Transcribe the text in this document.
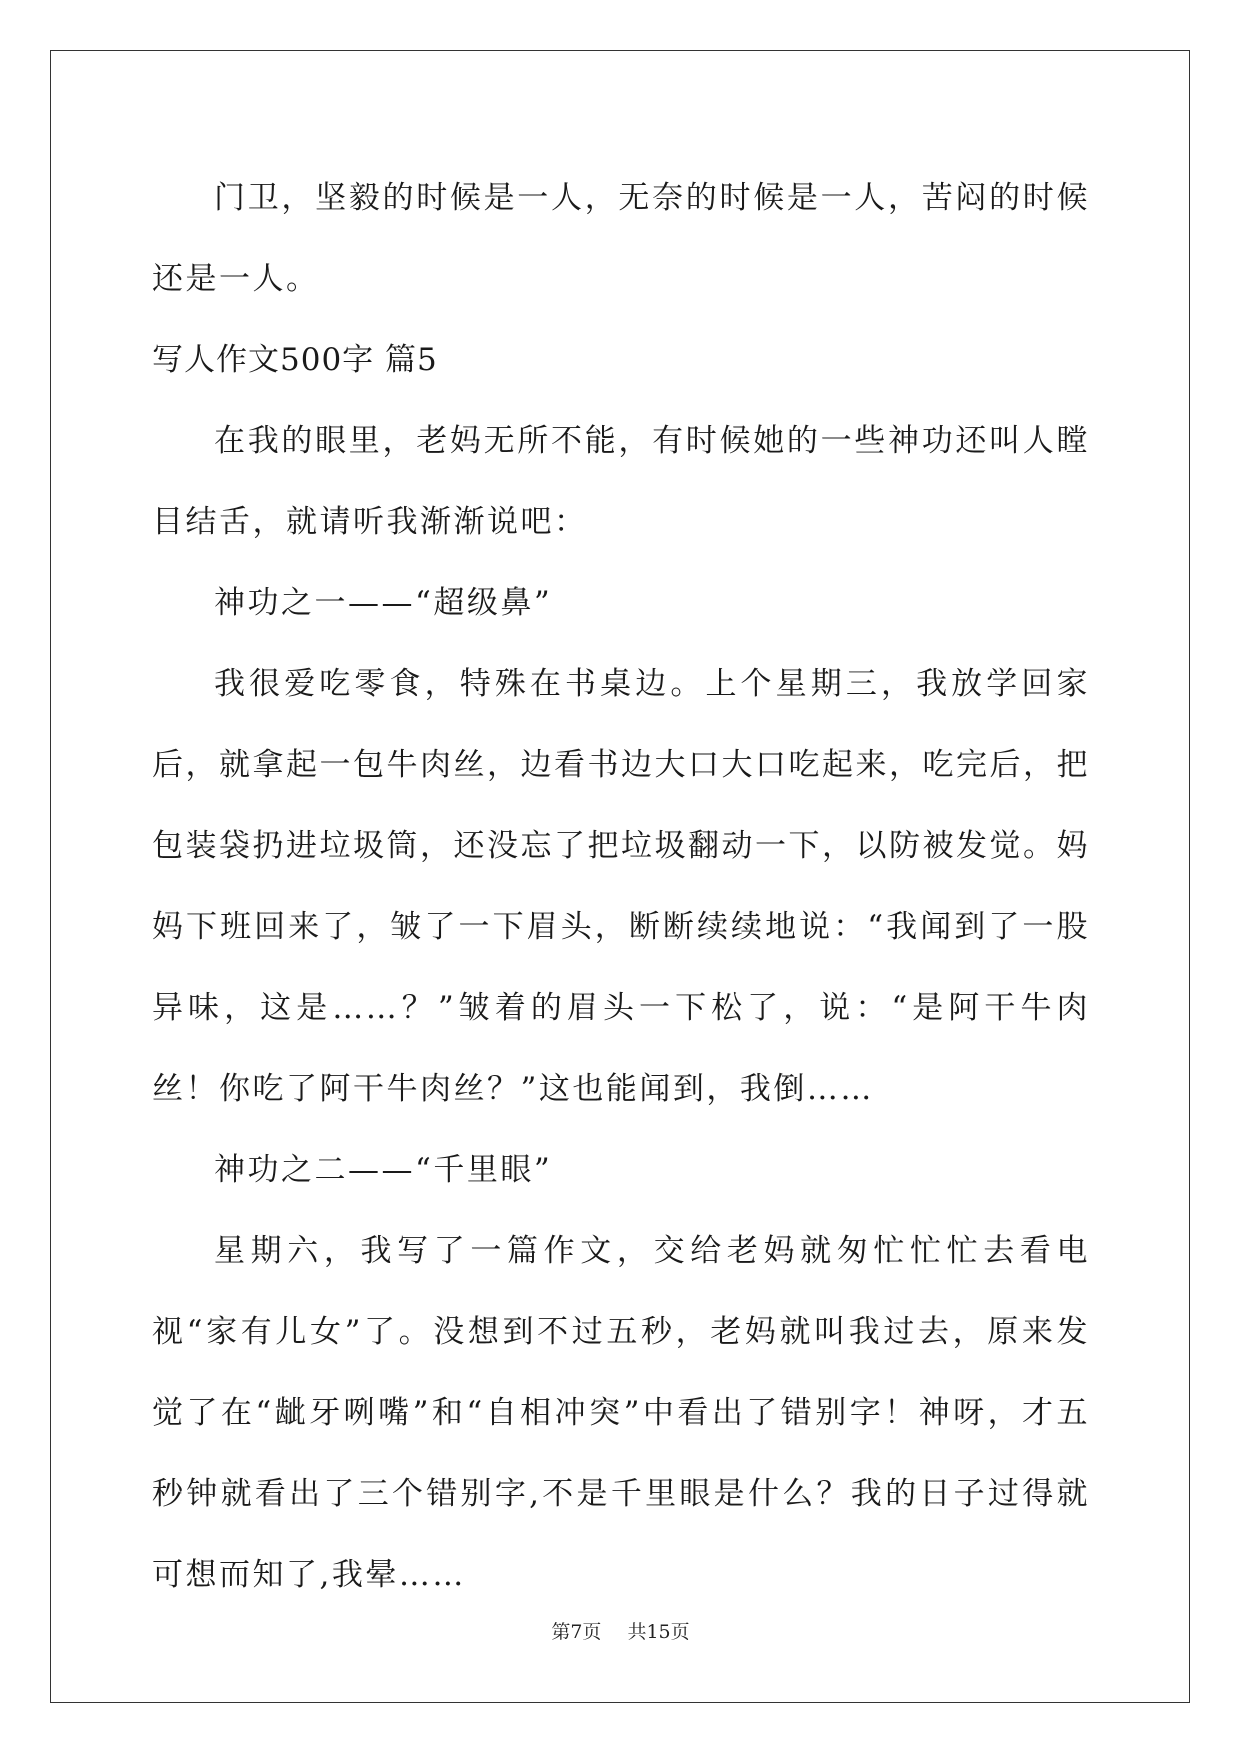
门卫，坚毅的时候是一人，无奈的时候是一人，苦闷的时候还是一人。

写人作文500字 篇5

在我的眼里，老妈无所不能，有时候她的一些神功还叫人瞠目结舌，就请听我渐渐说吧：

神功之一——“超级鼻”

我很爱吃零食，特殊在书桌边。上个星期三，我放学回家后，就拿起一包牛肉丝，边看书边大口大口吃起来，吃完后，把包装袋扔进垃圾筒，还没忘了把垃圾翻动一下，以防被发觉。妈妈下班回来了，皱了一下眉头，断断续续地说：“我闻到了一股异味，这是……？”皱着的眉头一下松了，说：“是阿干牛肉丝！你吃了阿干牛肉丝？”这也能闻到，我倒……

神功之二——“千里眼”

星期六，我写了一篇作文，交给老妈就匆忙忙忙去看电视“家有儿女”了。没想到不过五秒，老妈就叫我过去，原来发觉了在“龇牙咧嘴”和“自相冲突”中看出了错别字！神呀，才五秒钟就看出了三个错别字,不是千里眼是什么？我的日子过得就可想而知了,我晕……

第7页 共15页
